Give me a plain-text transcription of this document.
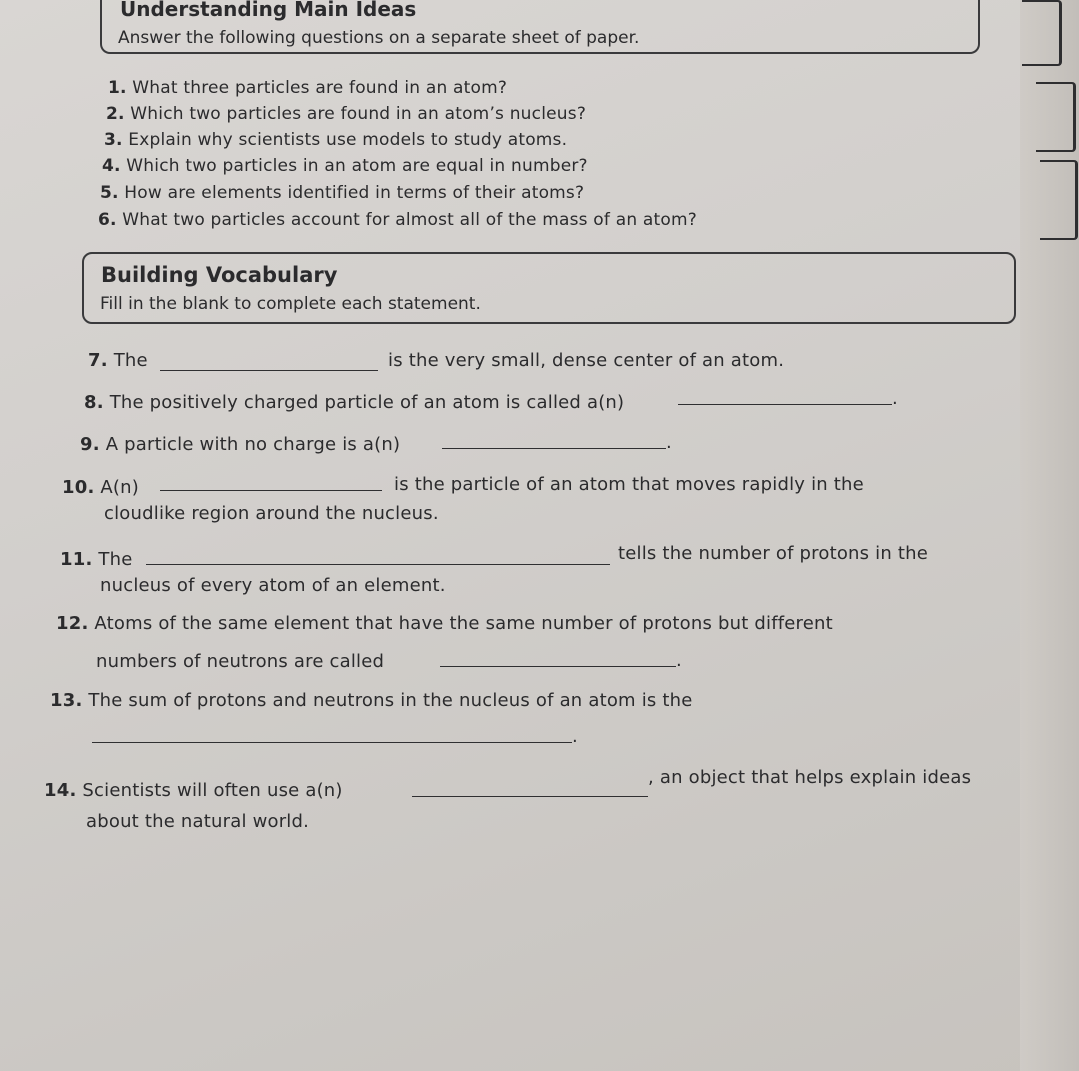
Understanding Main Ideas
Answer the following questions on a separate sheet of paper.
1. What three particles are found in an atom?
2. Which two particles are found in an atom’s nucleus?
3. Explain why scientists use models to study atoms.
4. Which two particles in an atom are equal in number?
5. How are elements identified in terms of their atoms?
6. What two particles account for almost all of the mass of an atom?
Building Vocabulary
Fill in the blank to complete each statement.
7. The	is the very small, dense center of an atom.
8. The positively charged particle of an atom is called a(n)	.
9. A particle with no charge is a(n)	.
10. A(n)	is the particle of an atom that moves rapidly in the
cloudlike region around the nucleus.
11. The	tells the number of protons in the
nucleus of every atom of an element.
12. Atoms of the same element that have the same number of protons but different
numbers of neutrons are called	.
13. The sum of protons and neutrons in the nucleus of an atom is the
.
14. Scientists will often use a(n)
, an object that helps explain ideas
about the natural world.
